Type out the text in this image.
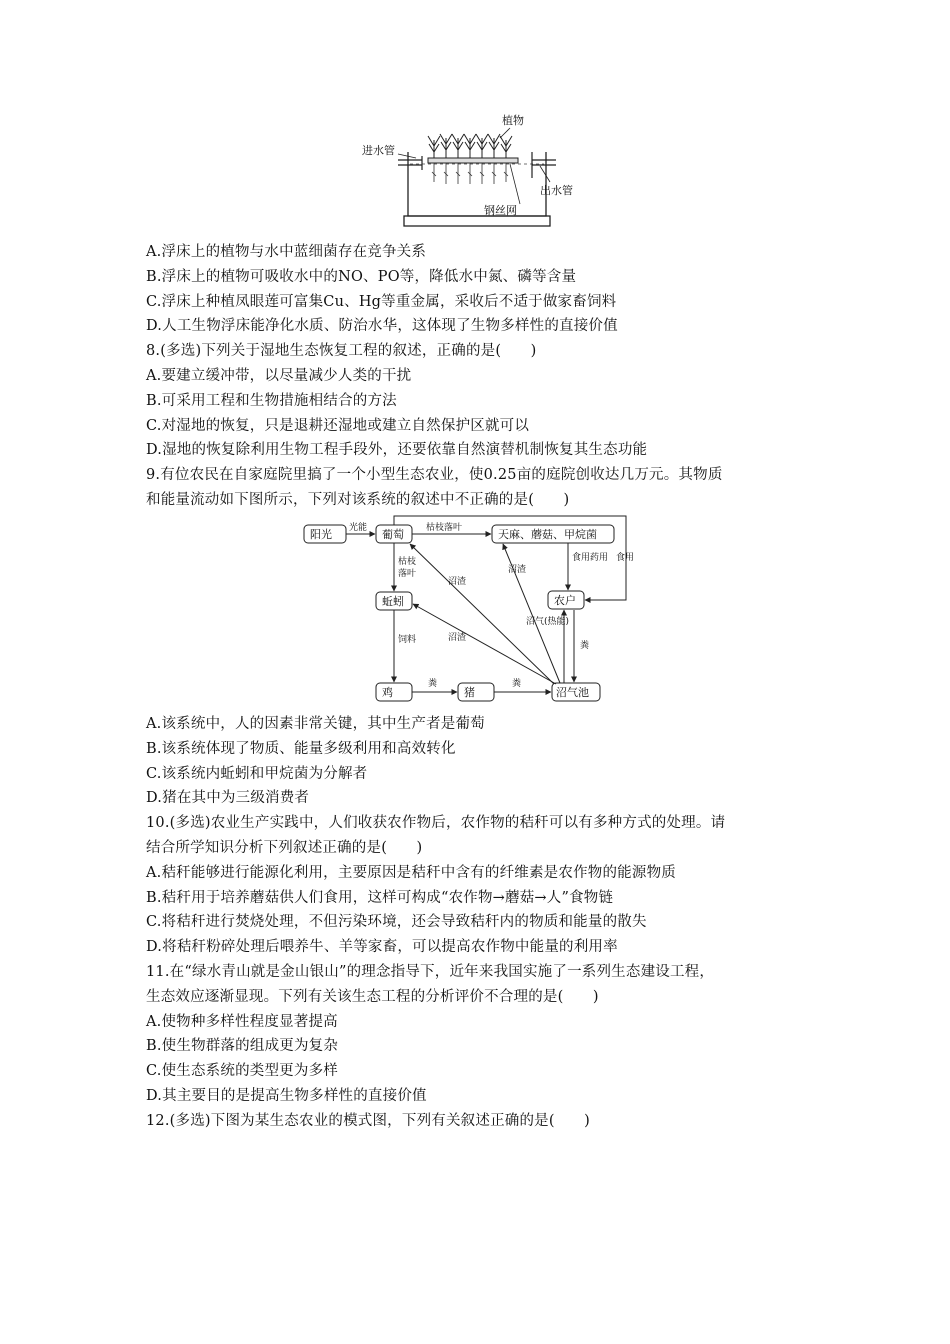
植物
进水管
出水管
钢丝网
A.浮床上的植物与水中蓝细菌存在竞争关系
B.浮床上的植物可吸收水中的NO、PO等，降低水中氮、磷等含量
C.浮床上种植凤眼莲可富集Cu、Hg等重金属，采收后不适于做家畜饲料
D.人工生物浮床能净化水质、防治水华，这体现了生物多样性的直接价值
8.(多选)下列关于湿地生态恢复工程的叙述，正确的是(　　)
A.要建立缓冲带，以尽量减少人类的干扰
B.可采用工程和生物措施相结合的方法
C.对湿地的恢复，只是退耕还湿地或建立自然保护区就可以
D.湿地的恢复除利用生物工程手段外，还要依靠自然演替机制恢复其生态功能
9.有位农民在自家庭院里搞了一个小型生态农业，使0.25亩的庭院创收达几万元。其物质
和能量流动如下图所示，下列对该系统的叙述中不正确的是(　　)
阳光 光能 葡萄 枯枝落叶	天麻、蘑菇、甲烷菌
枯枝
落叶
食用药用 食用
蚯蚓	农户
饲料
沼渣
沼渣
沼渣
沼气(热能)
粪
鸡
粪
猪
粪
沼气池
A.该系统中，人的因素非常关键，其中生产者是葡萄
B.该系统体现了物质、能量多级利用和高效转化
C.该系统内蚯蚓和甲烷菌为分解者
D.猪在其中为三级消费者
10.(多选)农业生产实践中，人们收获农作物后，农作物的秸秆可以有多种方式的处理。请
结合所学知识分析下列叙述正确的是(　　)
A.秸秆能够进行能源化利用，主要原因是秸秆中含有的纤维素是农作物的能源物质
B.秸秆用于培养蘑菇供人们食用，这样可构成“农作物→蘑菇→人”食物链
C.将秸秆进行焚烧处理，不但污染环境，还会导致秸秆内的物质和能量的散失
D.将秸秆粉碎处理后喂养牛、羊等家畜，可以提高农作物中能量的利用率
11.在“绿水青山就是金山银山”的理念指导下，近年来我国实施了一系列生态建设工程，
生态效应逐渐显现。下列有关该生态工程的分析评价不合理的是(　　)
A.使物种多样性程度显著提高
B.使生物群落的组成更为复杂
C.使生态系统的类型更为多样
D.其主要目的是提高生物多样性的直接价值
12.(多选)下图为某生态农业的模式图，下列有关叙述正确的是(　　)
